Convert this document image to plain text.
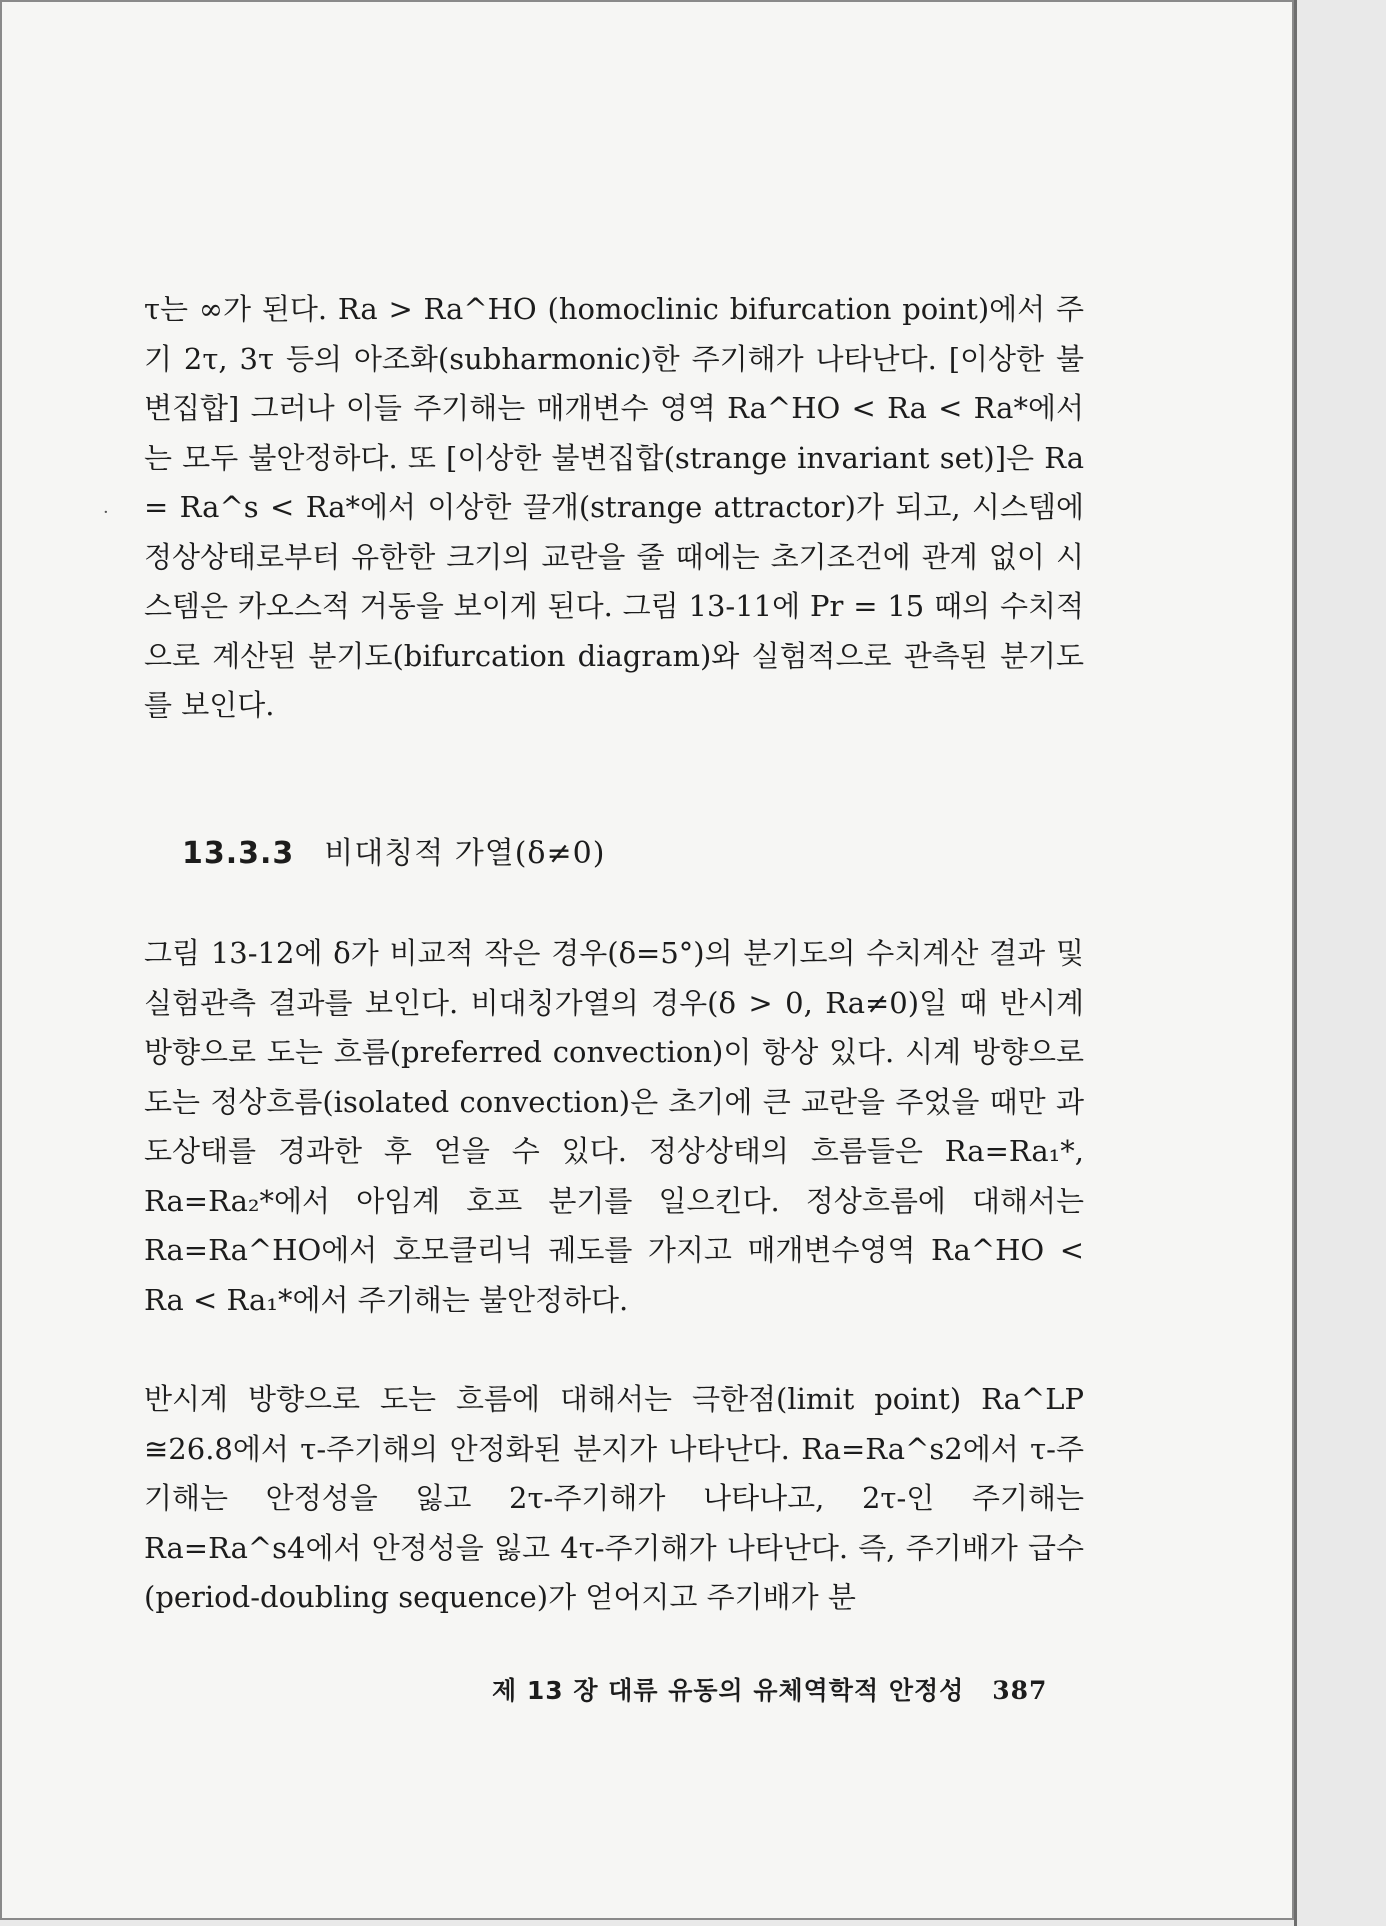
·

τ는 ∞가 된다. Ra > Ra^HO (homoclinic bifurcation point)에서 주기 2τ, 3τ 등의 아조화(subharmonic)한 주기해가 나타난다. [이상한 불변집합] 그러나 이들 주기해는 매개변수 영역 Ra^HO < Ra < Ra*에서는 모두 불안정하다. 또 [이상한 불변집합(strange invariant set)]은 Ra = Ra^s < Ra*에서 이상한 끌개(strange attractor)가 되고, 시스템에 정상상태로부터 유한한 크기의 교란을 줄 때에는 초기조건에 관계 없이 시스템은 카오스적 거동을 보이게 된다. 그림 13-11에 Pr = 15 때의 수치적으로 계산된 분기도(bifurcation diagram)와 실험적으로 관측된 분기도를 보인다.

13.3.3 비대칭적 가열(δ≠0)

그림 13-12에 δ가 비교적 작은 경우(δ=5°)의 분기도의 수치계산 결과 및 실험관측 결과를 보인다. 비대칭가열의 경우(δ > 0, Ra≠0)일 때 반시계 방향으로 도는 흐름(preferred convection)이 항상 있다. 시계 방향으로 도는 정상흐름(isolated convection)은 초기에 큰 교란을 주었을 때만 과도상태를 경과한 후 얻을 수 있다. 정상상태의 흐름들은 Ra=Ra₁*, Ra=Ra₂*에서 아임계 호프 분기를 일으킨다. 정상흐름에 대해서는 Ra=Ra^HO에서 호모클리닉 궤도를 가지고 매개변수영역 Ra^HO < Ra < Ra₁*에서 주기해는 불안정하다.

반시계 방향으로 도는 흐름에 대해서는 극한점(limit point) Ra^LP ≅26.8에서 τ-주기해의 안정화된 분지가 나타난다. Ra=Ra^s2에서 τ-주기해는 안정성을 잃고 2τ-주기해가 나타나고, 2τ-인 주기해는 Ra=Ra^s4에서 안정성을 잃고 4τ-주기해가 나타난다. 즉, 주기배가 급수(period-doubling sequence)가 얻어지고 주기배가 분

제 13 장 대류 유동의 유체역학적 안정성 387
